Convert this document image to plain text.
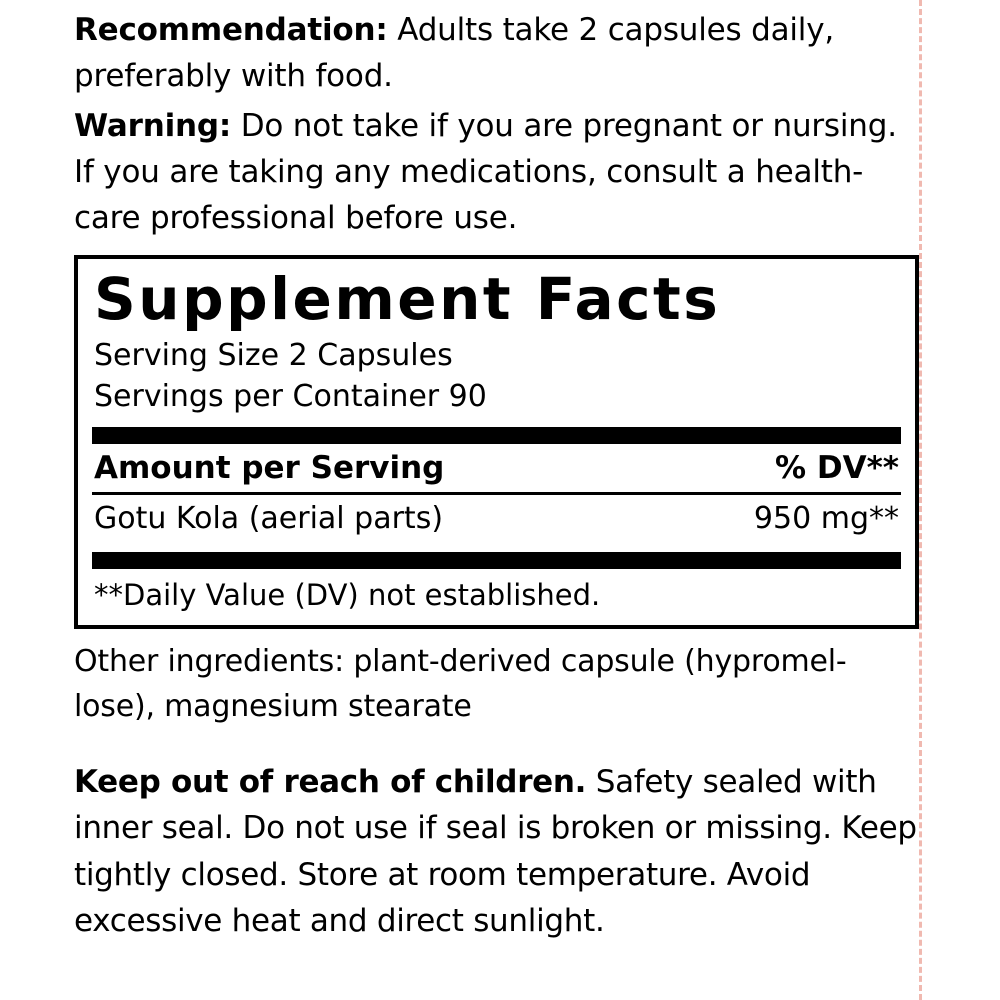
Recommendation: Adults take 2 capsules daily, preferably with food.

Warning: Do not take if you are pregnant or nursing. If you are taking any medications, consult a health-care professional before use.

Supplement Facts
Serving Size 2 Capsules
Servings per Container 90
Amount per Serving	% DV**
Gotu Kola (aerial parts)	950 mg**
**Daily Value (DV) not established.

Other ingredients: plant-derived capsule (hypromel-lose), magnesium stearate

Keep out of reach of children. Safety sealed with inner seal. Do not use if seal is broken or missing. Keep tightly closed. Store at room temperature. Avoid excessive heat and direct sunlight.
